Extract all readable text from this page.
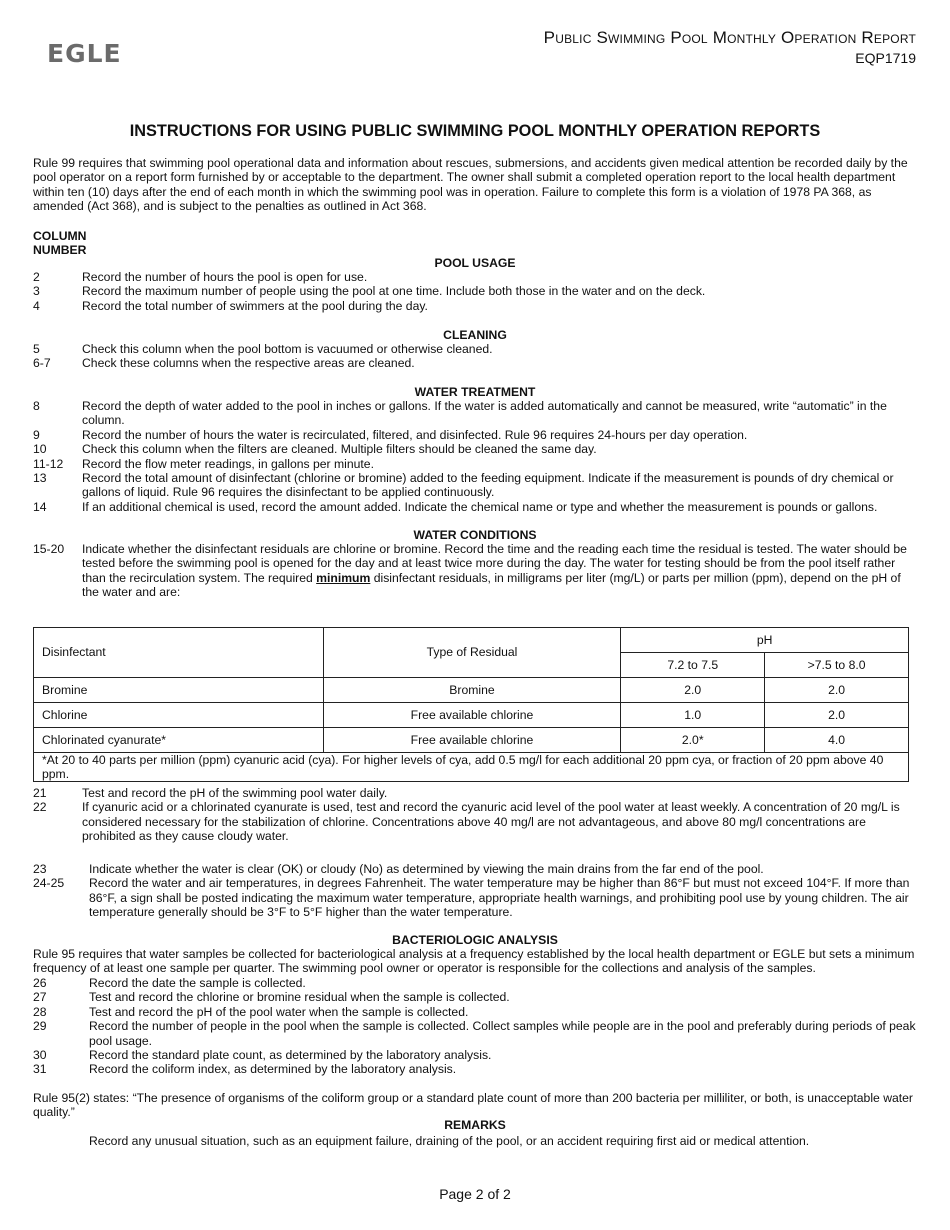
EGLE
Public Swimming Pool Monthly Operation Report
EQP1719
INSTRUCTIONS FOR USING PUBLIC SWIMMING POOL MONTHLY OPERATION REPORTS
Rule 99 requires that swimming pool operational data and information about rescues, submersions, and accidents given medical attention be recorded daily by the pool operator on a report form furnished by or acceptable to the department. The owner shall submit a completed operation report to the local health department within ten (10) days after the end of each month in which the swimming pool was in operation. Failure to complete this form is a violation of 1978 PA 368, as amended (Act 368), and is subject to the penalties as outlined in Act 368.
COLUMN
NUMBER
POOL USAGE
2	Record the number of hours the pool is open for use.
3	Record the maximum number of people using the pool at one time. Include both those in the water and on the deck.
4	Record the total number of swimmers at the pool during the day.
CLEANING
5	Check this column when the pool bottom is vacuumed or otherwise cleaned.
6-7	Check these columns when the respective areas are cleaned.
WATER TREATMENT
8	Record the depth of water added to the pool in inches or gallons. If the water is added automatically and cannot be measured, write “automatic” in the column.
9	Record the number of hours the water is recirculated, filtered, and disinfected. Rule 96 requires 24-hours per day operation.
10	Check this column when the filters are cleaned. Multiple filters should be cleaned the same day.
11-12	Record the flow meter readings, in gallons per minute.
13	Record the total amount of disinfectant (chlorine or bromine) added to the feeding equipment. Indicate if the measurement is pounds of dry chemical or gallons of liquid. Rule 96 requires the disinfectant to be applied continuously.
14	If an additional chemical is used, record the amount added. Indicate the chemical name or type and whether the measurement is pounds or gallons.
WATER CONDITIONS
15-20	Indicate whether the disinfectant residuals are chlorine or bromine. Record the time and the reading each time the residual is tested. The water should be tested before the swimming pool is opened for the day and at least twice more during the day. The water for testing should be from the pool itself rather than the recirculation system. The required minimum disinfectant residuals, in milligrams per liter (mg/L) or parts per million (ppm), depend on the pH of the water and are:
Disinfectant	Type of Residual	pH	
		7.2 to 7.5	>7.5 to 8.0
Bromine	Bromine	2.0	2.0
Chlorine	Free available chlorine	1.0	2.0
Chlorinated cyanurate*	Free available chlorine	2.0*	4.0
*At 20 to 40 parts per million (ppm) cyanuric acid (cya). For higher levels of cya, add 0.5 mg/l for each additional 20 ppm cya, or fraction of 20 ppm above 40 ppm.			
21	Test and record the pH of the swimming pool water daily.
22	If cyanuric acid or a chlorinated cyanurate is used, test and record the cyanuric acid level of the pool water at least weekly. A concentration of 20 mg/L is considered necessary for the stabilization of chlorine. Concentrations above 40 mg/l are not advantageous, and above 80 mg/l concentrations are prohibited as they cause cloudy water.
23	Indicate whether the water is clear (OK) or cloudy (No) as determined by viewing the main drains from the far end of the pool.
24-25	Record the water and air temperatures, in degrees Fahrenheit. The water temperature may be higher than 86°F but must not exceed 104°F. If more than 86°F, a sign shall be posted indicating the maximum water temperature, appropriate health warnings, and prohibiting pool use by young children. The air temperature generally should be 3°F to 5°F higher than the water temperature.
BACTERIOLOGIC ANALYSIS
Rule 95 requires that water samples be collected for bacteriological analysis at a frequency established by the local health department or EGLE but sets a minimum frequency of at least one sample per quarter. The swimming pool owner or operator is responsible for the collections and analysis of the samples.
26	Record the date the sample is collected.
27	Test and record the chlorine or bromine residual when the sample is collected.
28	Test and record the pH of the pool water when the sample is collected.
29	Record the number of people in the pool when the sample is collected. Collect samples while people are in the pool and preferably during periods of peak pool usage.
30	Record the standard plate count, as determined by the laboratory analysis.
31	Record the coliform index, as determined by the laboratory analysis.
Rule 95(2) states: “The presence of organisms of the coliform group or a standard plate count of more than 200 bacteria per milliliter, or both, is unacceptable water quality.”
REMARKS
Record any unusual situation, such as an equipment failure, draining of the pool, or an accident requiring first aid or medical attention.
Page 2 of 2
